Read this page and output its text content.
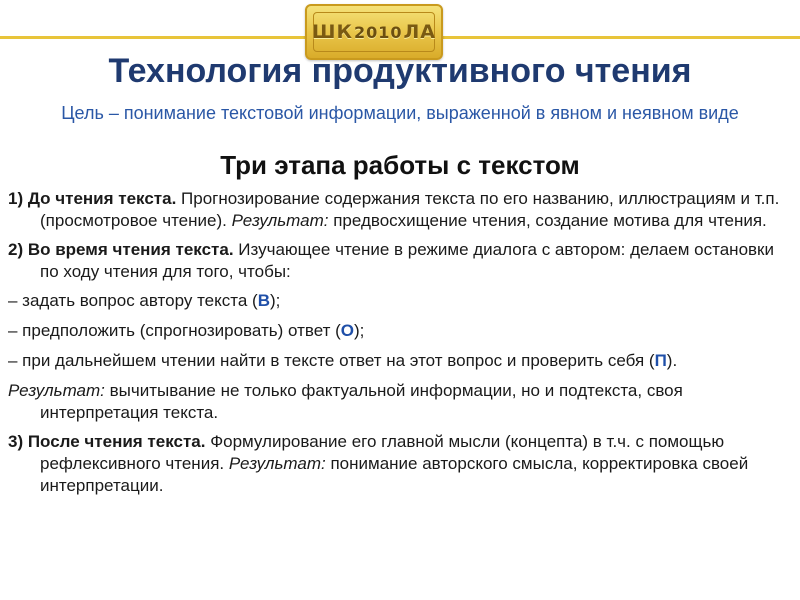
ШК2010ЛА
Технология продуктивного чтения

Цель – понимание текстовой информации, выраженной в явном и неявном виде

Три этапа работы с текстом

1) До чтения текста. Прогнозирование содержания текста по его названию, иллюстрациям и т.п. (просмотровое чтение). Результат: предвосхищение чтения, создание мотива для чтения.

2) Во время чтения текста. Изучающее чтение в режиме диалога с автором: делаем остановки по ходу чтения для того, чтобы:

– задать вопрос автору текста (В);

– предположить (спрогнозировать) ответ (О);

– при дальнейшем чтении найти в тексте ответ на этот вопрос и проверить себя (П).

Результат: вычитывание не только фактуальной информации, но и подтекста, своя интерпретация текста.

3) После чтения текста. Формулирование его главной мысли (концепта) в т.ч. с помощью рефлексивного чтения. Результат: понимание авторского смысла, корректировка своей интерпретации.
